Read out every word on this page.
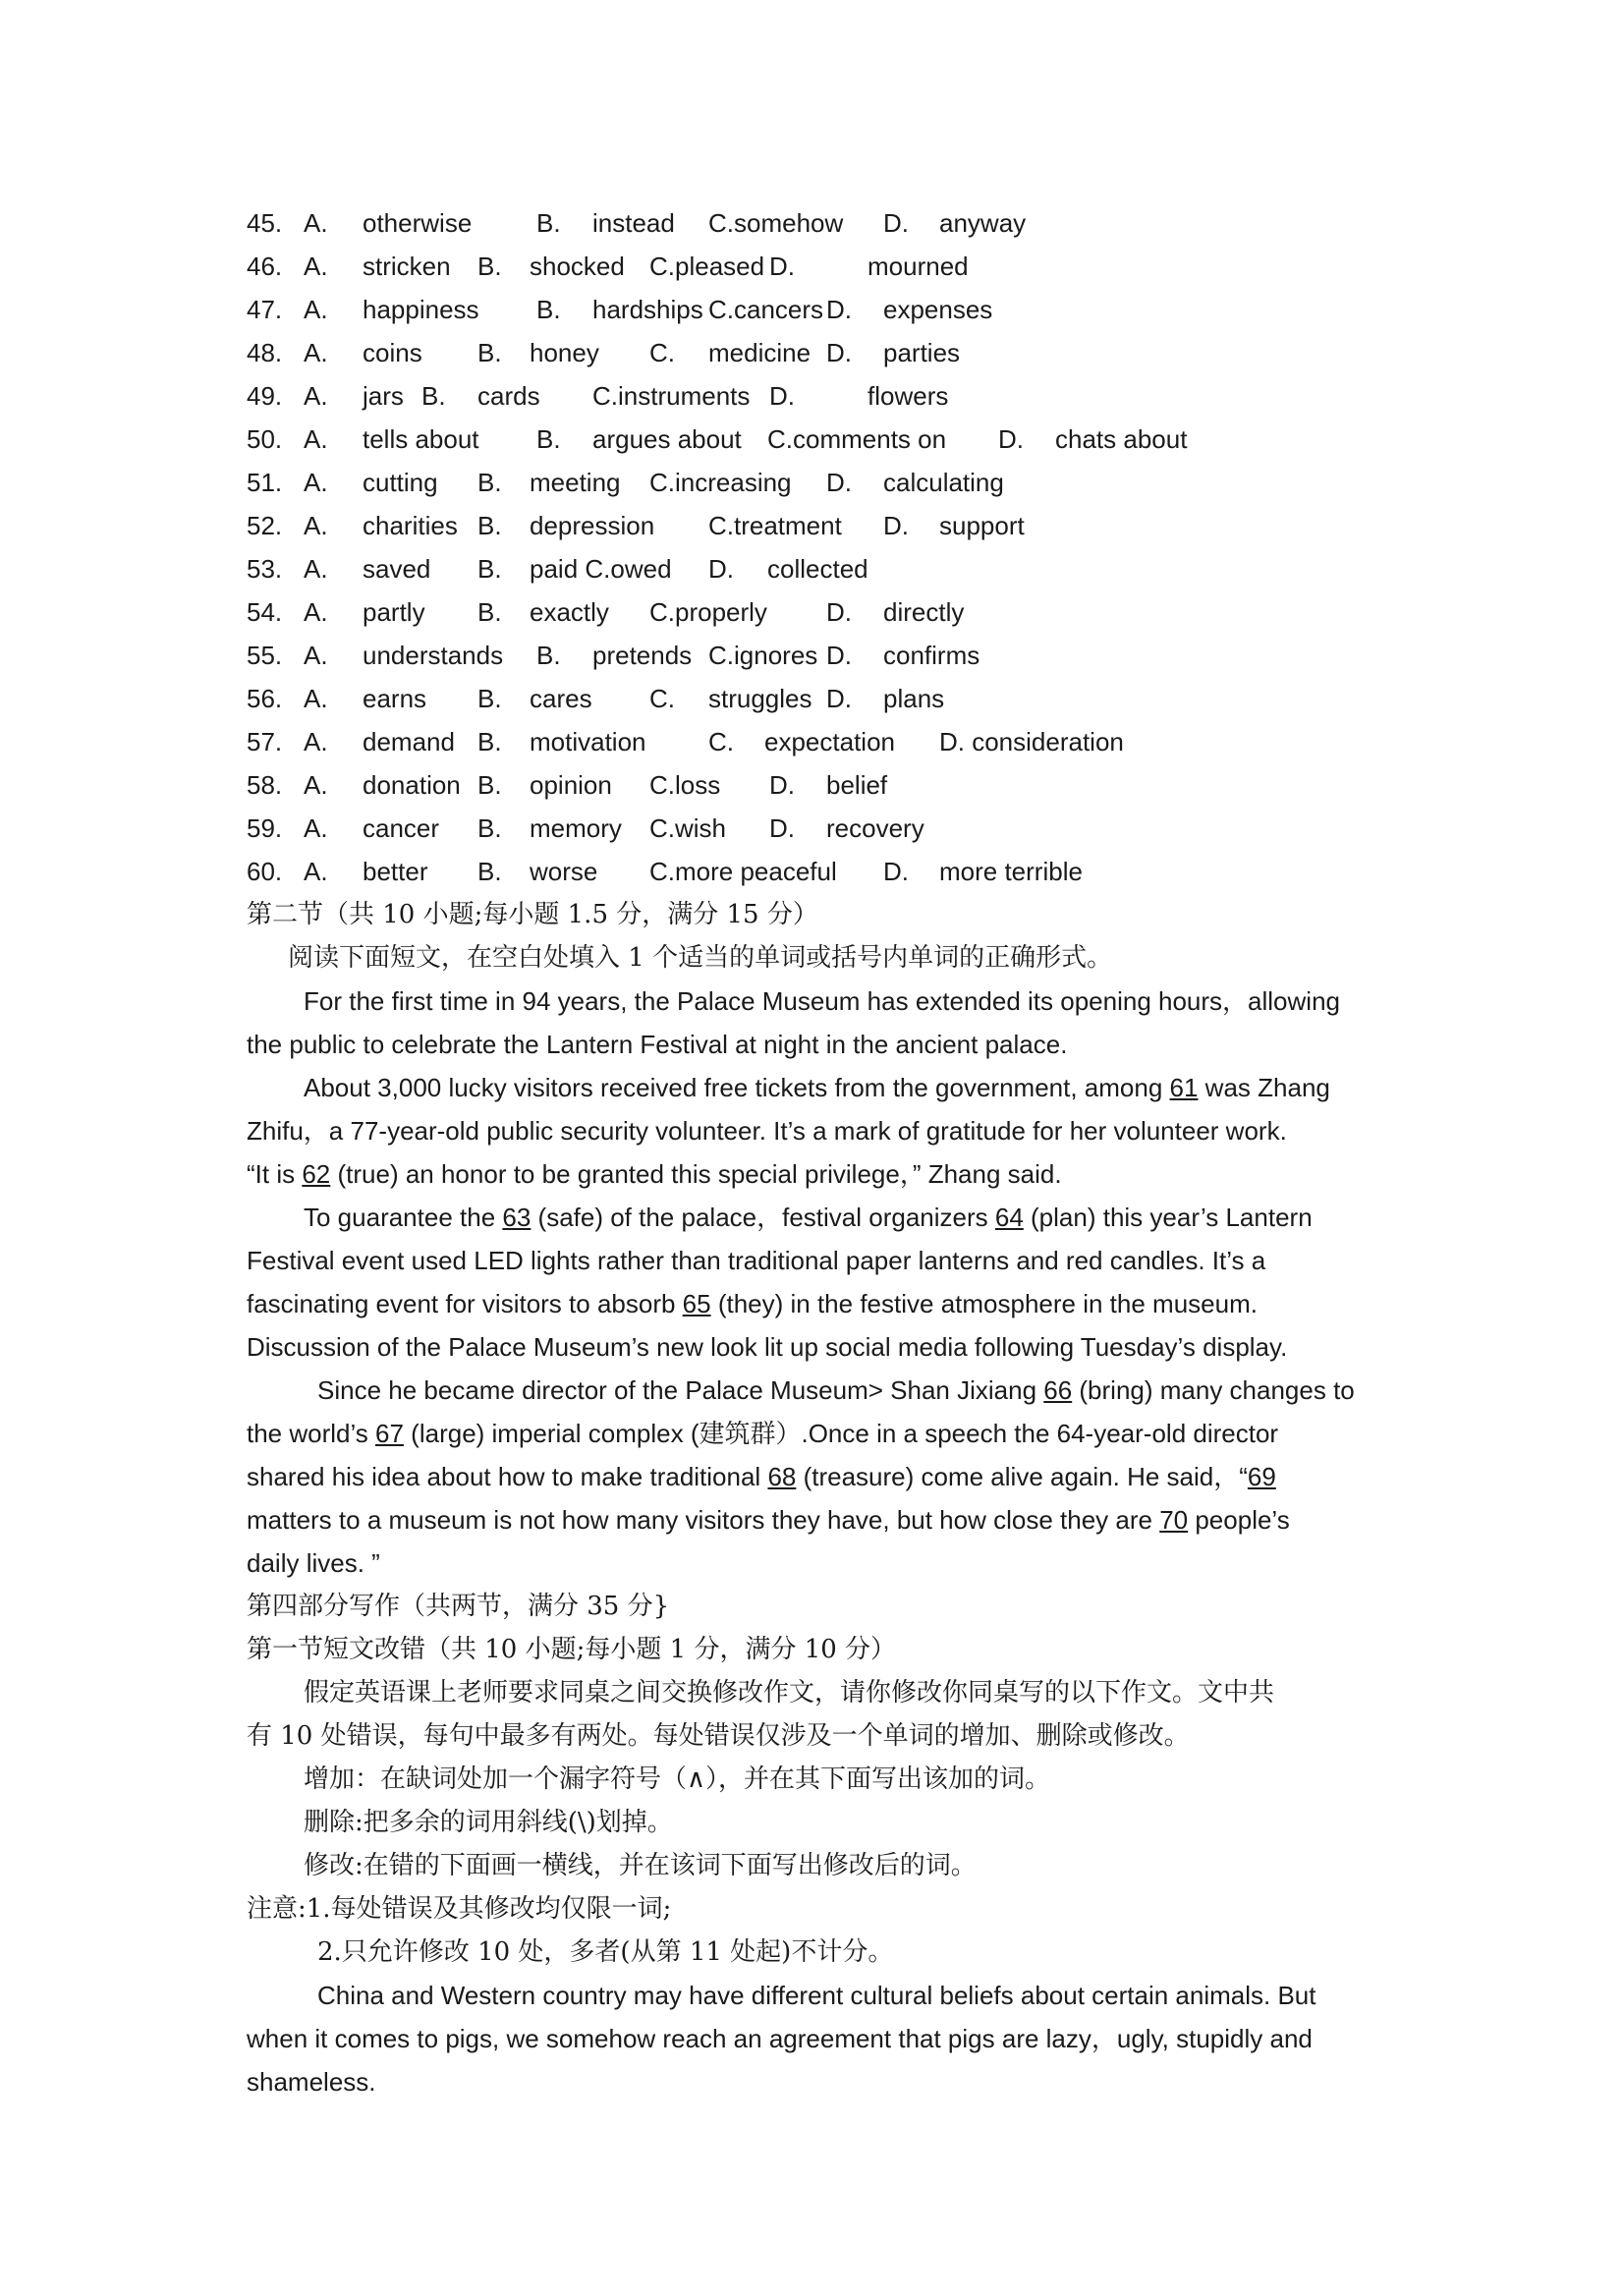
45. A. otherwise	B. instead C.somehow D. anyway
46. A. stricken B. shocked C.pleased D.	mourned
47. A. happiness B. hardships C.cancers D. expenses
48. A. coins B. honey C. medicine D. parties
49. A. jars B. cards C.instruments D.	flowers
50. A. tells about B. argues about C.comments on D. chats about
51. A. cutting B. meeting C.increasing D. calculating
52. A. charities B. depression C.treatment D. support
53. A. saved B. paid C.owed D. collected
54. A. partly B. exactly C.properly D. directly
55. A. understands B. pretends C.ignores D. confirms
56. A. earns B. cares C. struggles D. plans
57. A. demand B. motivation C. expectation D. consideration
58. A. donation B. opinion C.loss D. belief
59. A. cancer B. memory C.wish D. recovery
60. A. better B. worse C.more peaceful D. more terrible
第二节（共 10 小题;每小题 1.5 分，满分 15 分）
阅读下面短文，在空白处填入 1 个适当的单词或括号内单词的正确形式。
For the first time in 94 years, the Palace Museum has extended its opening hours，allowing
the public to celebrate the Lantern Festival at night in the ancient palace.
About 3,000 lucky visitors received free tickets from the government, among 61 was Zhang
Zhifu，a 77-year-old public security volunteer. It’s a mark of gratitude for her volunteer work.
“It is 62 (true) an honor to be granted this special privilege，” Zhang said.
To guarantee the 63 (safe) of the palace，festival organizers 64 (plan) this year’s Lantern
Festival event used LED lights rather than traditional paper lanterns and red candles. It’s a
fascinating event for visitors to absorb 65 (they) in the festive atmosphere in the museum.
Discussion of the Palace Museum’s new look lit up social media following Tuesday’s display.
Since he became director of the Palace Museum> Shan Jixiang 66 (bring) many changes to
the world’s 67 (large) imperial complex (建筑群）.Once in a speech the 64-year-old director
shared his idea about how to make traditional 68 (treasure) come alive again. He said，“69
matters to a museum is not how many visitors they have, but how close they are 70 people’s
daily lives. ”
第四部分写作（共两节，满分 35 分}
第一节短文改错（共 10 小题;每小题 1 分，满分 10 分）
假定英语课上老师要求同桌之间交换修改作文，请你修改你同桌写的以下作文。文中共
有 10 处错误，每句中最多有两处。每处错误仅涉及一个单词的增加、删除或修改。
增加：在缺词处加一个漏字符号（∧），并在其下面写出该加的词。
删除:把多余的词用斜线(\)划掉。
修改:在错的下面画一横线，并在该词下面写出修改后的词。
注意:1.每处错误及其修改均仅限一词;
2.只允许修改 10 处，多者(从第 11 处起)不计分。
China and Western country may have different cultural beliefs about certain animals. But
when it comes to pigs, we somehow reach an agreement that pigs are lazy，ugly, stupidly and
shameless.
